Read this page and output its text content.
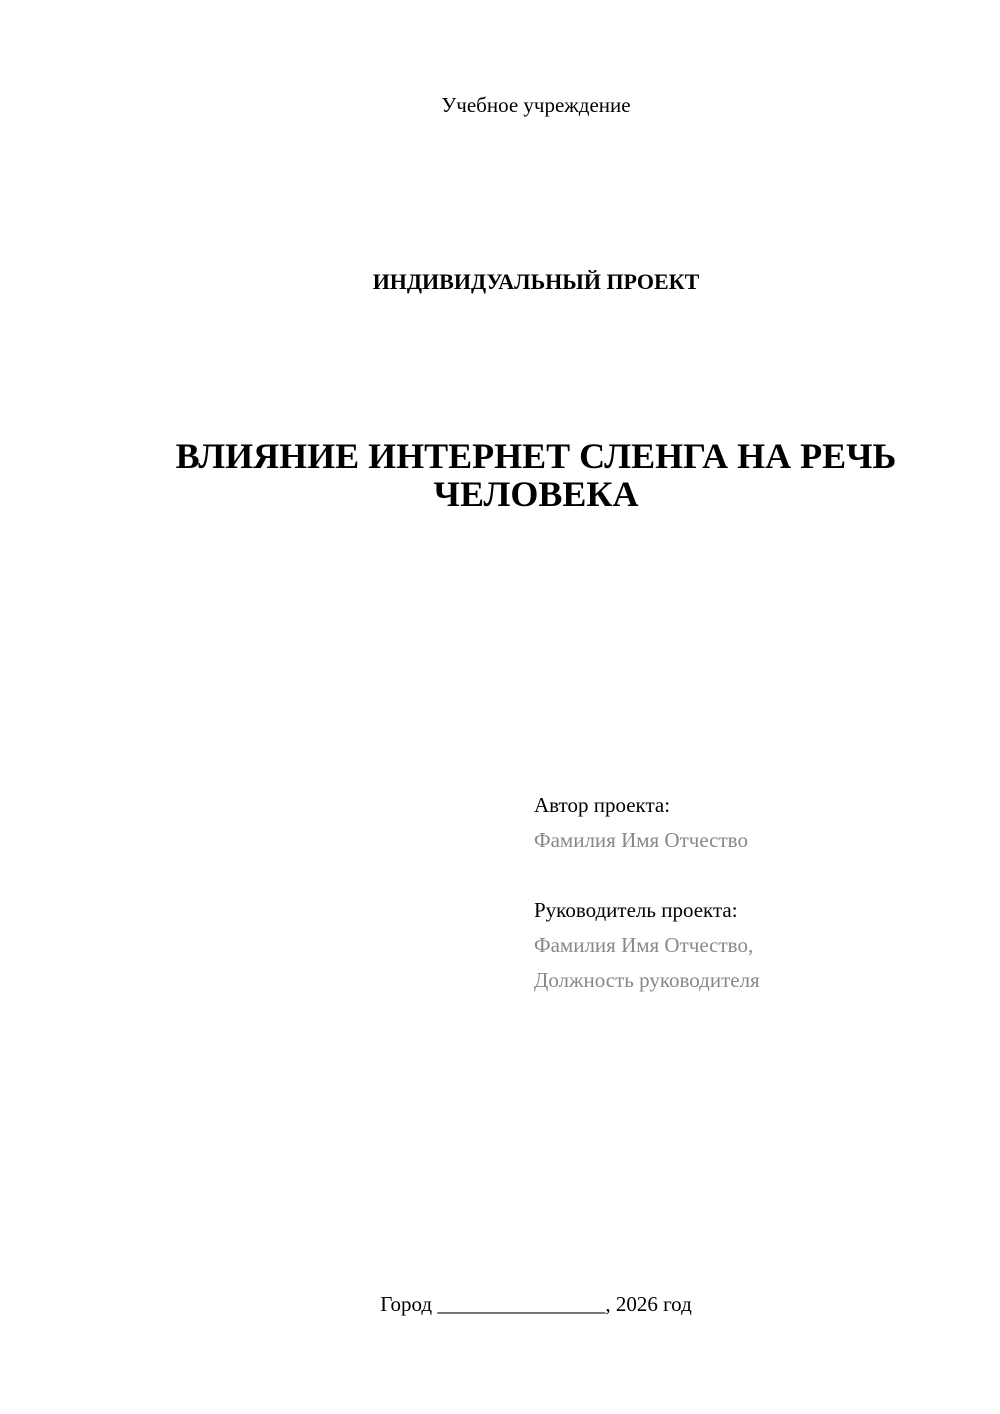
Учебное учреждение
ИНДИВИДУАЛЬНЫЙ ПРОЕКТ
ВЛИЯНИЕ ИНТЕРНЕТ СЛЕНГА НА РЕЧЬ
ЧЕЛОВЕКА
Автор проекта:
Фамилия Имя Отчество
Руководитель проекта:
Фамилия Имя Отчество,
Должность руководителя
Город ________________, 2026 год
